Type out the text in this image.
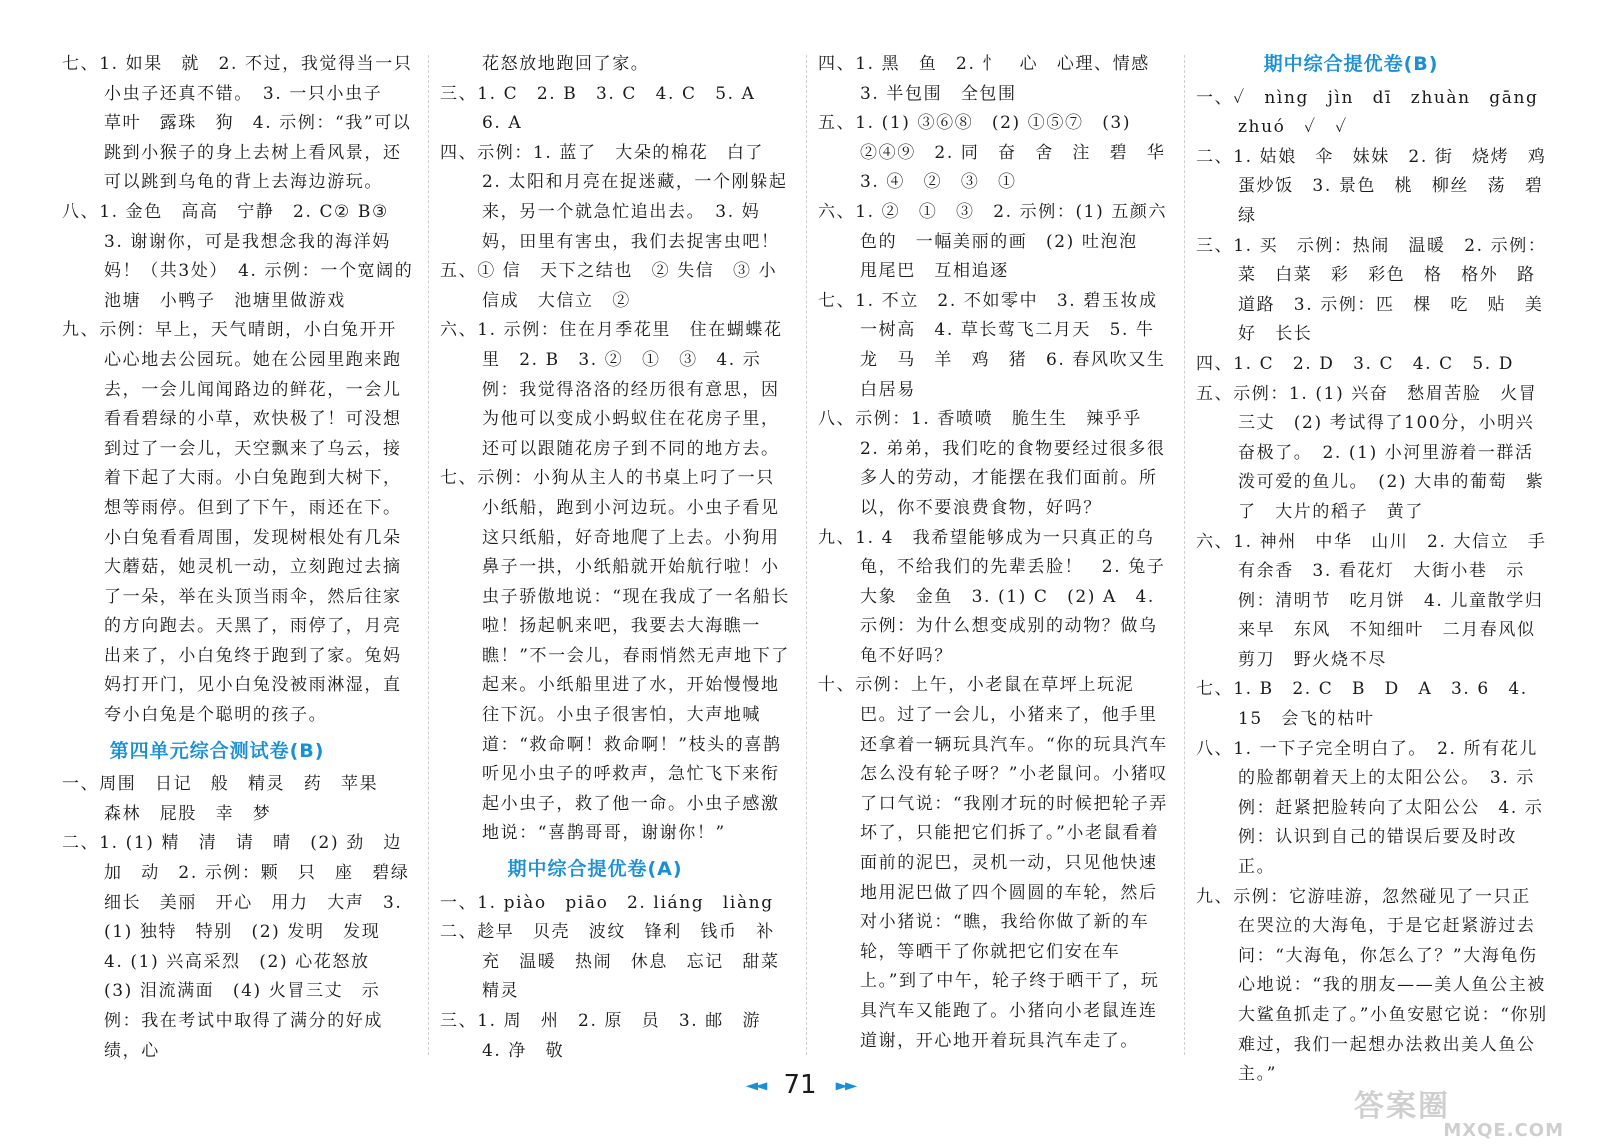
七、1. 如果　就　2. 不过，我觉得当一只小虫子还真不错。　3. 一只小虫子　草叶　露珠　狗　4. 示例：“我”可以跳到小猴子的身上去树上看风景，还可以跳到乌龟的背上去海边游玩。

八、1. 金色　高高　宁静　2. C② B③　3. 谢谢你，可是我想念我的海洋妈妈！（共3处）　4. 示例：一个宽阔的池塘　小鸭子　池塘里做游戏

九、示例：早上，天气晴朗，小白兔开开心心地去公园玩。她在公园里跑来跑去，一会儿闻闻路边的鲜花，一会儿看看碧绿的小草，欢快极了！可没想到过了一会儿，天空飘来了乌云，接着下起了大雨。小白兔跑到大树下，想等雨停。但到了下午，雨还在下。小白兔看看周围，发现树根处有几朵大蘑菇，她灵机一动，立刻跑过去摘了一朵，举在头顶当雨伞，然后往家的方向跑去。天黑了，雨停了，月亮出来了，小白兔终于跑到了家。兔妈妈打开门，见小白兔没被雨淋湿，直夸小白兔是个聪明的孩子。

第四单元综合测试卷(B)

一、周围　日记　般　精灵　药　苹果　森林　屁股　幸　梦

二、1. (1) 精　清　请　晴　(2) 劲　边　加　动　2. 示例：颗　只　座　碧绿　细长　美丽　开心　用力　大声　3. (1) 独特　特别　(2) 发明　发现　4. (1) 兴高采烈　(2) 心花怒放　(3) 泪流满面　(4) 火冒三丈　示例：我在考试中取得了满分的好成绩，心

花怒放地跑回了家。

三、1. C　2. B　3. C　4. C　5. A　6. A

四、示例：1. 蓝了　大朵的棉花　白了　2. 太阳和月亮在捉迷藏，一个刚躲起来，另一个就急忙追出去。　3. 妈妈，田里有害虫，我们去捉害虫吧！

五、① 信　天下之结也　② 失信　③ 小信成　大信立　②

六、1. 示例：住在月季花里　住在蝴蝶花里　2. B　3. ②　①　③　4. 示例：我觉得洛洛的经历很有意思，因为他可以变成小蚂蚁住在花房子里，还可以跟随花房子到不同的地方去。

七、示例：小狗从主人的书桌上叼了一只小纸船，跑到小河边玩。小虫子看见这只纸船，好奇地爬了上去。小狗用鼻子一拱，小纸船就开始航行啦！小虫子骄傲地说：“现在我成了一名船长啦！扬起帆来吧，我要去大海瞧一瞧！”不一会儿，春雨悄然无声地下了起来。小纸船里进了水，开始慢慢地往下沉。小虫子很害怕，大声地喊道：“救命啊！救命啊！”枝头的喜鹊听见小虫子的呼救声，急忙飞下来衔起小虫子，救了他一命。小虫子感激地说：“喜鹊哥哥，谢谢你！”

期中综合提优卷(A)

一、1. piào　piāo　2. liáng　liàng

二、趁早　贝壳　波纹　锋利　钱币　补充　温暖　热闹　休息　忘记　甜菜　精灵

三、1. 周　州　2. 原　员　3. 邮　游　4. 净　敬

四、1. 黑　鱼　2. 忄　心　心理、情感　3. 半包围　全包围

五、1. (1) ③⑥⑧　(2) ①⑤⑦　(3) ②④⑨　2. 同　奋　舍　注　碧　华　3. ④　②　③　①

六、1. ②　①　③　2. 示例：(1) 五颜六色的　一幅美丽的画　(2) 吐泡泡　甩尾巴　互相追逐

七、1. 不立　2. 不如零中　3. 碧玉妆成一树高　4. 草长莺飞二月天　5. 牛　龙　马　羊　鸡　猪　6. 春风吹又生　白居易

八、示例：1. 香喷喷　脆生生　辣乎乎　2. 弟弟，我们吃的食物要经过很多很多人的劳动，才能摆在我们面前。所以，你不要浪费食物，好吗？

九、1. 4　我希望能够成为一只真正的乌龟，不给我们的先辈丢脸！　2. 兔子　大象　金鱼　3. (1) C　(2) A　4. 示例：为什么想变成别的动物？做乌龟不好吗？

十、示例：上午，小老鼠在草坪上玩泥巴。过了一会儿，小猪来了，他手里还拿着一辆玩具汽车。“你的玩具汽车怎么没有轮子呀？”小老鼠问。小猪叹了口气说：“我刚才玩的时候把轮子弄坏了，只能把它们拆了。”小老鼠看着面前的泥巴，灵机一动，只见他快速地用泥巴做了四个圆圆的车轮，然后对小猪说：“瞧，我给你做了新的车轮，等晒干了你就把它们安在车上。”到了中午，轮子终于晒干了，玩具汽车又能跑了。小猪向小老鼠连连道谢，开心地开着玩具汽车走了。

期中综合提优卷(B)

一、✓　nìng　jìn　dī　zhuàn　gāng　zhuó　✓　✓

二、1. 姑娘　伞　妹妹　2. 街　烧烤　鸡　蛋炒饭　3. 景色　桃　柳丝　荡　碧绿

三、1. 买　示例：热闹　温暖　2. 示例：菜　白菜　彩　彩色　格　格外　路　道路　3. 示例：匹　棵　吃　贴　美　好　长长

四、1. C　2. D　3. C　4. C　5. D

五、示例：1. (1) 兴奋　愁眉苦脸　火冒三丈　(2) 考试得了100分，小明兴奋极了。　2. (1) 小河里游着一群活泼可爱的鱼儿。　(2) 大串的葡萄　紫了　大片的稻子　黄了

六、1. 神州　中华　山川　2. 大信立　手有余香　3. 看花灯　大街小巷　示例：清明节　吃月饼　4. 儿童散学归来早　东风　不知细叶　二月春风似剪刀　野火烧不尽

七、1. B　2. C　B　D　A　3. 6　4. 15　会飞的枯叶

八、1. 一下子完全明白了。　2. 所有花儿的脸都朝着天上的太阳公公。　3. 示例：赶紧把脸转向了太阳公公　4. 示例：认识到自己的错误后要及时改正。

九、示例：它游哇游，忽然碰见了一只正在哭泣的大海龟，于是它赶紧游过去问：“大海龟，你怎么了？”大海龟伤心地说：“我的朋友——美人鱼公主被大鲨鱼抓走了。”小鱼安慰它说：“你别难过，我们一起想办法救出美人鱼公主。”

◄◄ 71 ►►
答案圈
MXQE.COM
